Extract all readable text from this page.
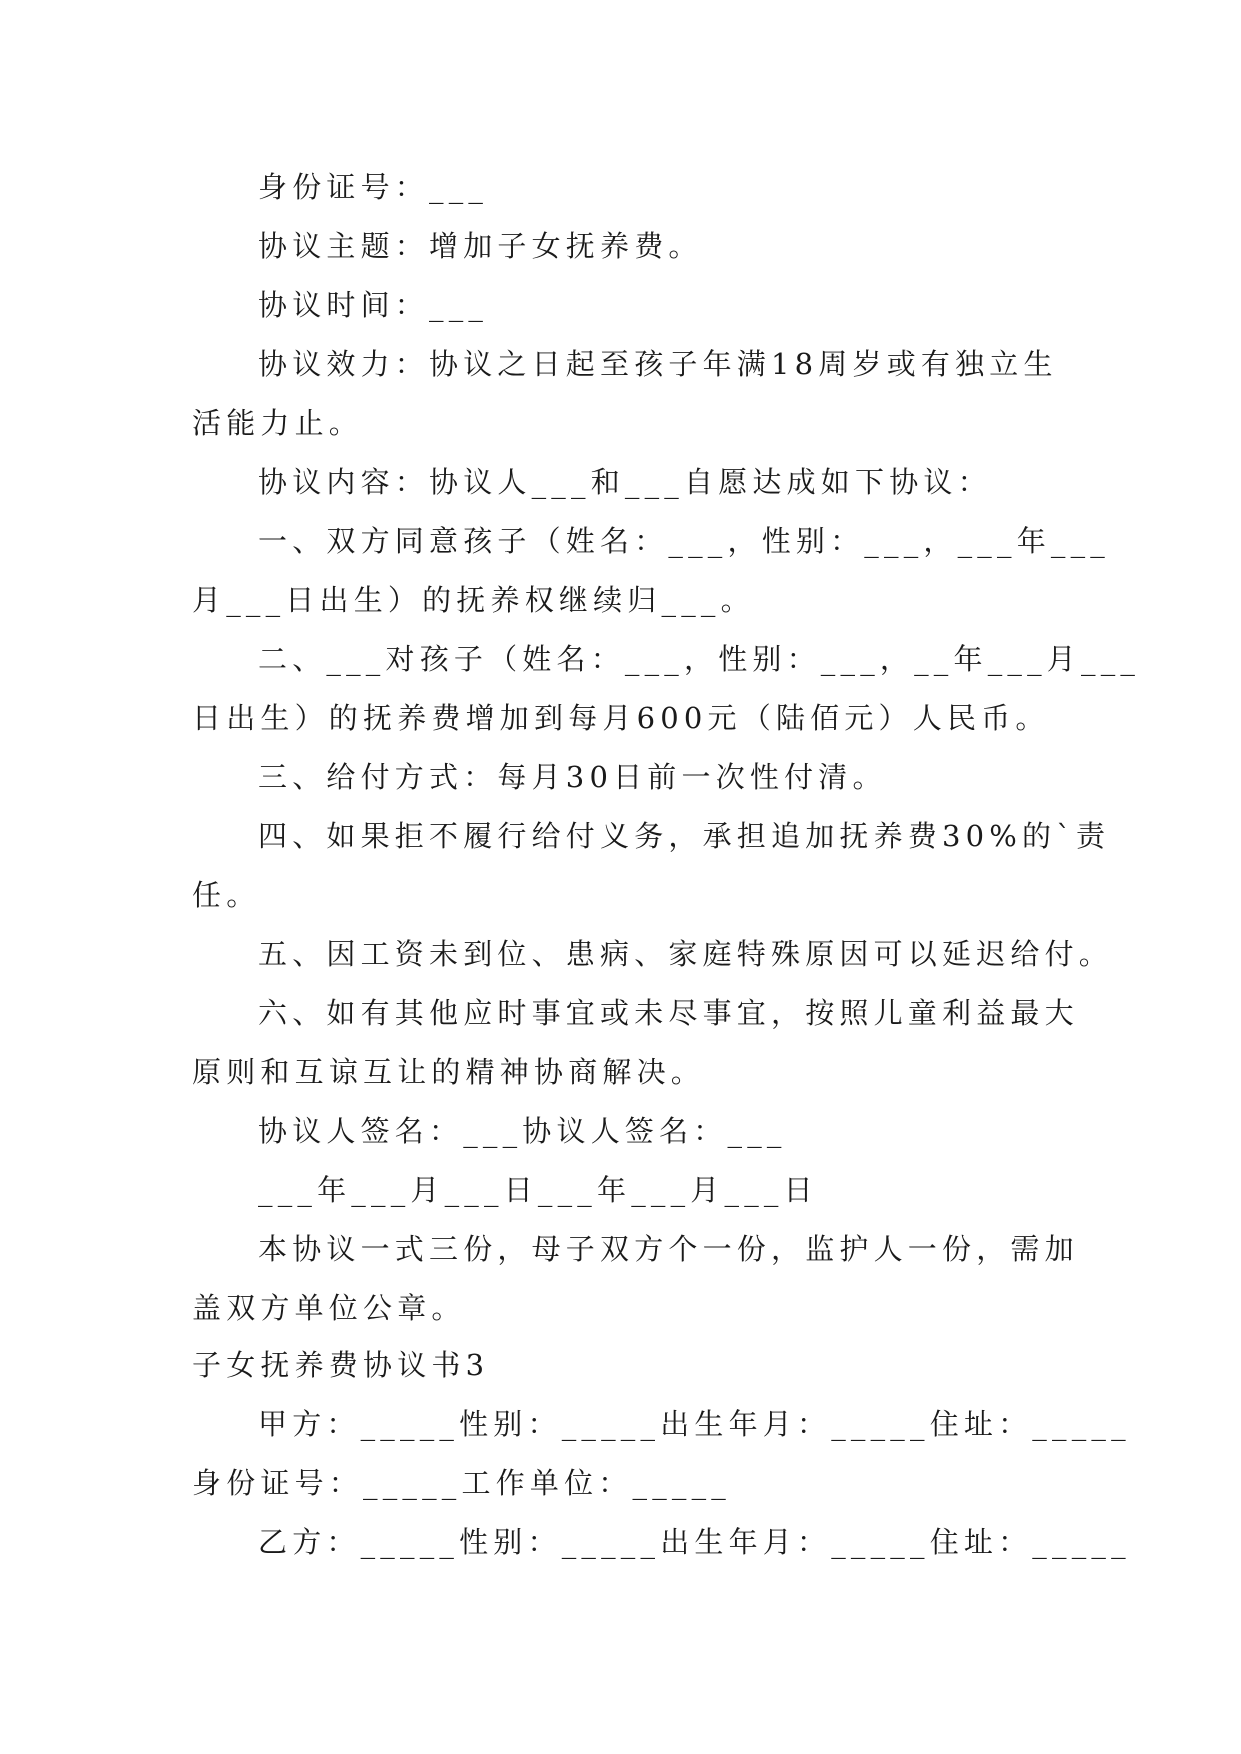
身份证号：___

协议主题：增加子女抚养费。

协议时间：___

协议效力：协议之日起至孩子年满18周岁或有独立生

活能力止。

协议内容：协议人___和___自愿达成如下协议：

一、双方同意孩子（姓名：___，性别：___，___年___

月___日出生）的抚养权继续归___。

二、___对孩子（姓名：___，性别：___，__年___月___

日出生）的抚养费增加到每月600元（陆佰元）人民币。

三、给付方式：每月30日前一次性付清。

四、如果拒不履行给付义务，承担追加抚养费30%的`责

任。

五、因工资未到位、患病、家庭特殊原因可以延迟给付。

六、如有其他应时事宜或未尽事宜，按照儿童利益最大

原则和互谅互让的精神协商解决。

协议人签名：___协议人签名：___

___年___月___日___年___月___日

本协议一式三份，母子双方个一份，监护人一份，需加

盖双方单位公章。

子女抚养费协议书3

甲方：_____性别：_____出生年月：_____住址：_____

身份证号：_____工作单位：_____

乙方：_____性别：_____出生年月：_____住址：_____
